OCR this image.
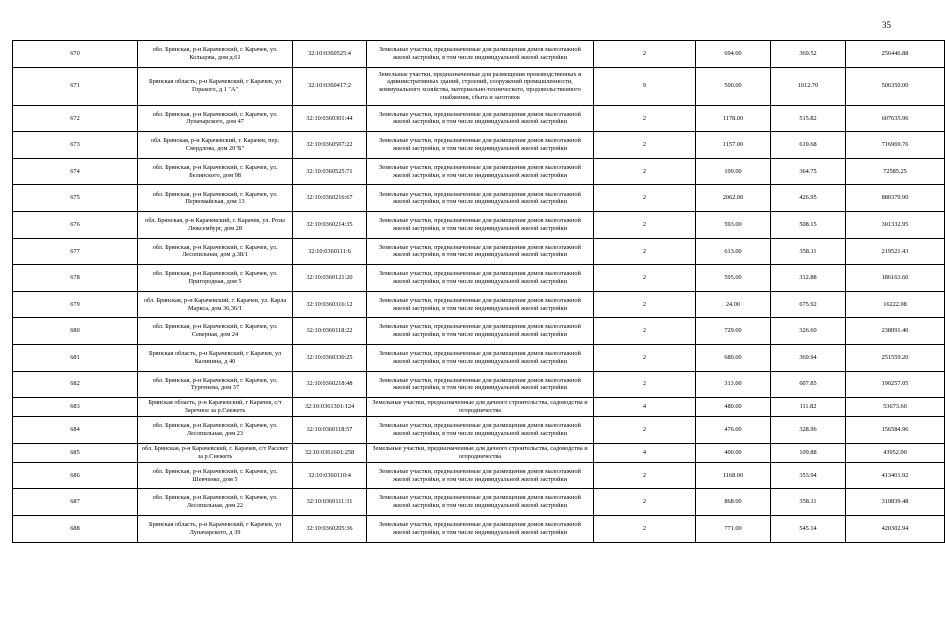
35
670	обл. Брянская, р-н Карачевский, г. Карачев, ул. Кольцова, дом д.61	32:10:0360525:4	Земельные участки, предназначенные для размещения домов малоэтажной жилой застройки, в том числе индивидуальной жилой застройки	2	694.00	369.52	256446.88
671	Брянская область, р-н Карачевский, г Карачев, ул Горького, д 1 "А"	32:10:0360417:2	Земельные участки, предназначенные для размещения производственных и административных зданий, строений, сооружений промышленности, коммунального хозяйства, материально-технического, продовольственного снабжения, сбыта и заготовок	9	500.00	1012.70	506350.00
672	обл. Брянская, р-н Карачевский, г. Карачев, ул. Луначарского, дом 47	32:10:0360301:44	Земельные участки, предназначенные для размещения домов малоэтажной жилой застройки, в том числе индивидуальной жилой застройки	2	1178.00	515.82	607635.96
673	обл. Брянская, р-н Карачевский, г. Карачев, пер. Свердлова, дом 20"Б"	32:10:0360507:22	Земельные участки, предназначенные для размещения домов малоэтажной жилой застройки, в том числе индивидуальной жилой застройки	2	1157.00	619.68	716969.76
674	обл. Брянская, р-н Карачевский, г. Карачев, ул. Белинского, дом 98	32:10:0360525:71	Земельные участки, предназначенные для размещения домов малоэтажной жилой застройки, в том числе индивидуальной жилой застройки	2	199.00	364.75	72585.25
675	обл. Брянская, р-н Карачевский, г. Карачев, ул. Первомайская, дом 13	32:10:0360216:67	Земельные участки, предназначенные для размещения домов малоэтажной жилой застройки, в том числе индивидуальной жилой застройки	2	2062.00	426.95	880370.90
676	обл. Брянская, р-н Карачевский, г. Карачев, ул. Розы Люксембург, дом 28	32:10:0360214:35	Земельные участки, предназначенные для размещения домов малоэтажной жилой застройки, в том числе индивидуальной жилой застройки	2	593.00	508.15	301332.95
677	обл. Брянская, р-н Карачевский, г. Карачев, ул. Лесопильная, дом д.38/1	32:10:0360111:6	Земельные участки, предназначенные для размещения домов малоэтажной жилой застройки, в том числе индивидуальной жилой застройки	2	613.00	358.11	219521.43
678	обл. Брянская, р-н Карачевский, г. Карачев, ул. Пригородная, дом 5	32:10:0360121:20	Земельные участки, предназначенные для размещения домов малоэтажной жилой застройки, в том числе индивидуальной жилой застройки	2	595.00	312.88	186163.60
679	обл. Брянская, р-н Карачевский, г. Карачев, ул. Карла Маркса, дом 36,36/1	32:10:0360316:12	Земельные участки, предназначенные для размещения домов малоэтажной жилой застройки, в том числе индивидуальной жилой застройки	2	24.00	675.92	16222.08
680	обл. Брянская, р-н Карачевский, г. Карачев, ул. Северная, дом 24	32:10:0360118:22	Земельные участки, предназначенные для размещения домов малоэтажной жилой застройки, в том числе индивидуальной жилой застройки	2	729.00	326.60	238091.40
681	Брянская область, р-н Карачевский, г Карачев, ул Калинина, д 40	32:10:0360330:25	Земельные участки, предназначенные для размещения домов малоэтажной жилой застройки, в том числе индивидуальной жилой застройки	2	680.00	369.94	251559.20
682	обл. Брянская, р-н Карачевский, г. Карачев, ул. Тургенева, дом 37	32:10:0360218:48	Земельные участки, предназначенные для размещения домов малоэтажной жилой застройки, в том числе индивидуальной жилой застройки	2	313.00	607.85	190257.05
683	Брянская область, р-н Карачевский, г Карачев, с/т Заречное за р.Снежеть	32:10:0361301:124	Земельные участки, предназначенные для дачного строительства, садоводства и огородничества	4	480.00	111.82	53673.60
684	обл. Брянская, р-н Карачевский, г. Карачев, ул. Лесопильная, дом 23	32:10:0360118:57	Земельные участки, предназначенные для размещения домов малоэтажной жилой застройки, в том числе индивидуальной жилой застройки	2	476.00	328.96	156584.96
685	обл. Брянская, р-н Карачевский, г. Карачев, с/т Рассвет за р.Снежеть	32:10:0361601:258	Земельные участки, предназначенные для дачного строительства, садоводства и огородничества	4	400.00	109.88	43952.00
686	обл. Брянская, р-н Карачевский, г. Карачев, ул. Шевченко, дом 5	32:10:0360110:4	Земельные участки, предназначенные для размещения домов малоэтажной жилой застройки, в том числе индивидуальной жилой застройки	2	1168.00	353.94	413401.92
687	обл. Брянская, р-н Карачевский, г. Карачев, ул. Лесопильная, дом 22	32:10:0360111:31	Земельные участки, предназначенные для размещения домов малоэтажной жилой застройки, в том числе индивидуальной жилой застройки	2	868.00	358.11	310839.48
688	Брянская область, р-н Карачевский, г Карачев, ул Луначарского, д 39	32:10:0360205:36	Земельные участки, предназначенные для размещения домов малоэтажной жилой застройки, в том числе индивидуальной жилой застройки	2	771.00	545.14	420302.94
